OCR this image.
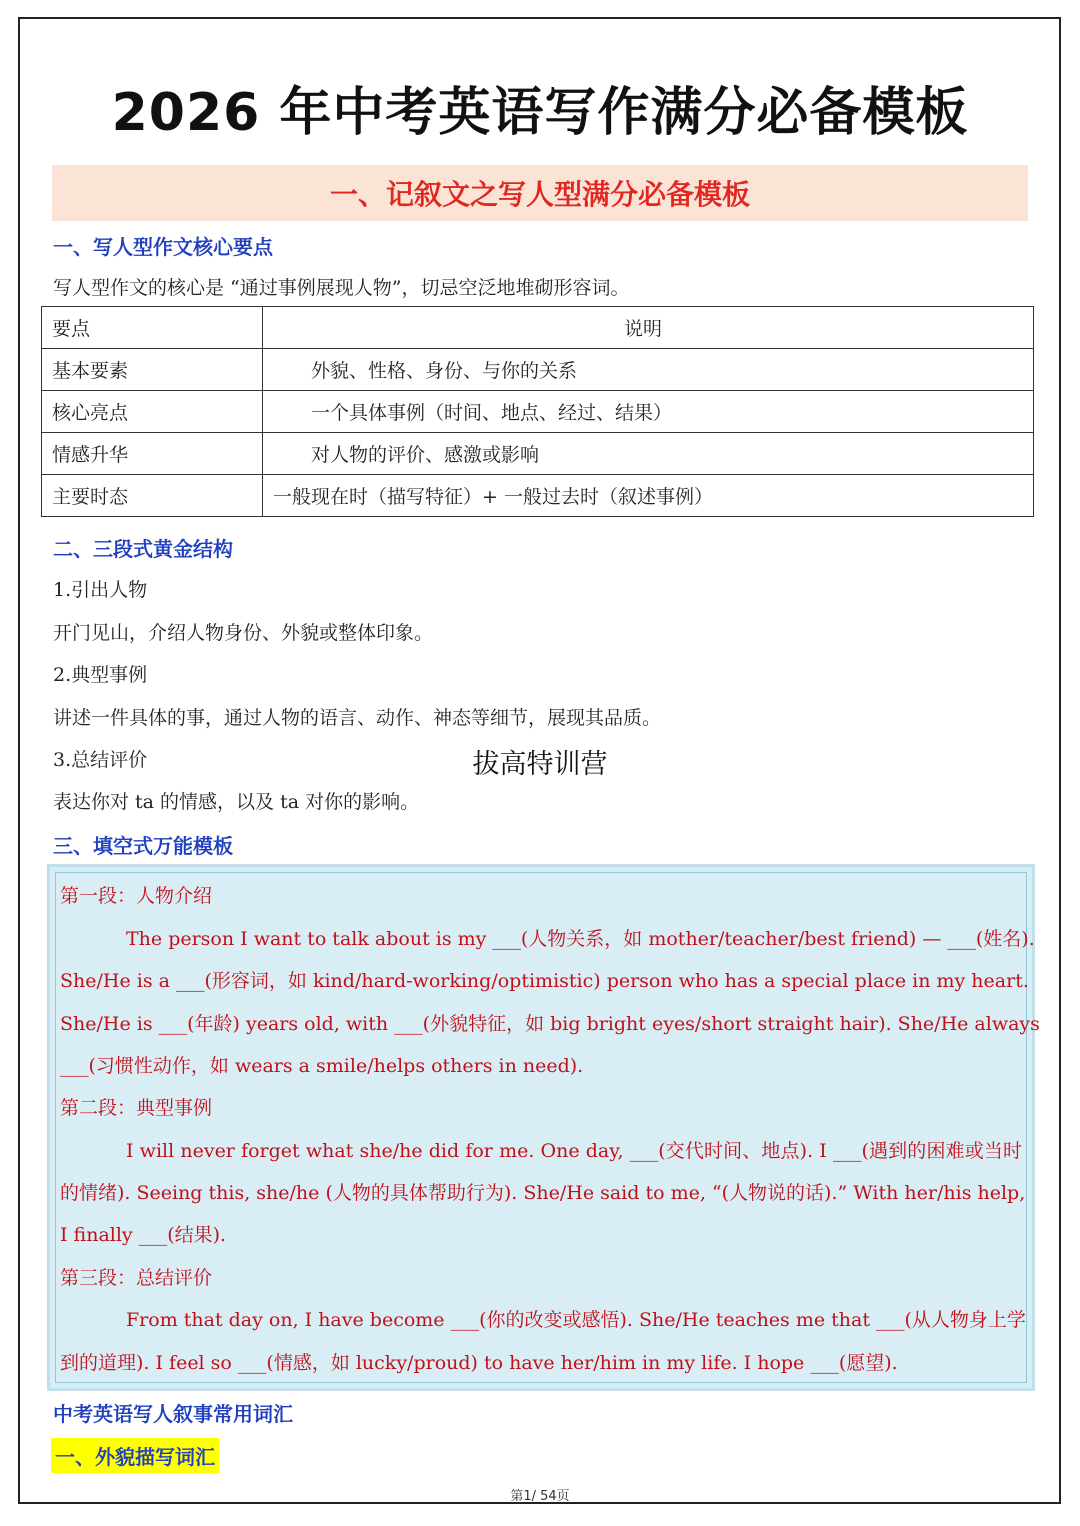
2026 年中考英语写作满分必备模板
一、记叙文之写人型满分必备模板
一、写人型作文核心要点
写人型作文的核心是 “通过事例展现人物”，切忌空泛地堆砌形容词。
要点	说明
基本要素	外貌、性格、身份、与你的关系
核心亮点	一个具体事例（时间、地点、经过、结果）
情感升华	对人物的评价、感激或影响
主要时态	一般现在时（描写特征）+ 一般过去时（叙述事例）
二、三段式黄金结构
1.引出人物
开门见山，介绍人物身份、外貌或整体印象。
2.典型事例
讲述一件具体的事，通过人物的语言、动作、神态等细节，展现其品质。
3.总结评价
表达你对 ta 的情感，以及 ta 对你的影响。
拔高特训营
三、填空式万能模板
第一段：人物介绍
The person I want to talk about is my ___(人物关系，如 mother/teacher/best friend) — ___(姓名).
She/He is a ___(形容词，如 kind/hard-working/optimistic) person who has a special place in my heart.
She/He is ___(年龄) years old, with ___(外貌特征，如 big bright eyes/short straight hair). She/He always
___(习惯性动作，如 wears a smile/helps others in need).
第二段：典型事例
I will never forget what she/he did for me. One day, ___(交代时间、地点). I ___(遇到的困难或当时
的情绪). Seeing this, she/he (人物的具体帮助行为). She/He said to me, “(人物说的话).” With her/his help,
I finally ___(结果).
第三段：总结评价
From that day on, I have become ___(你的改变或感悟). She/He teaches me that ___(从人物身上学
到的道理). I feel so ___(情感，如 lucky/proud) to have her/him in my life. I hope ___(愿望).
中考英语写人叙事常用词汇
一、外貌描写词汇
第1/ 54页
